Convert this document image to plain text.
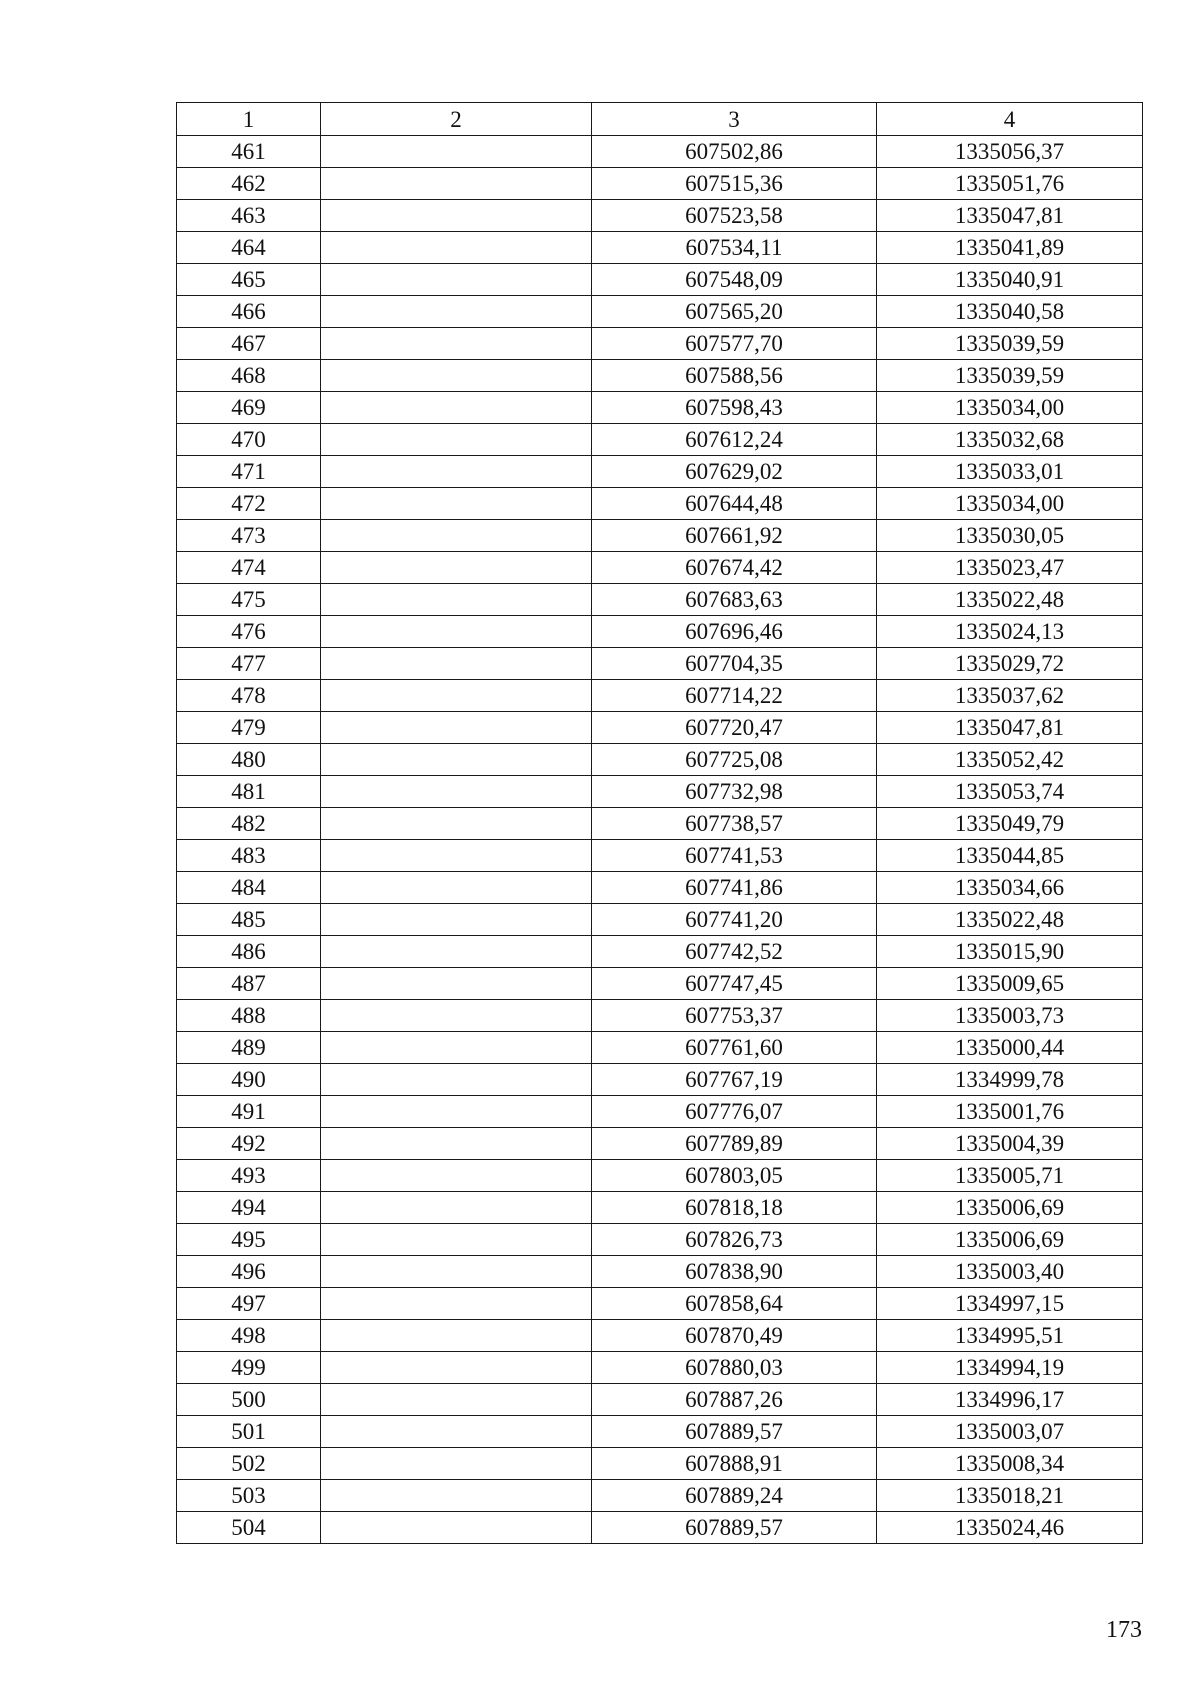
1	2	3	4
461		607502,86	1335056,37
462		607515,36	1335051,76
463		607523,58	1335047,81
464		607534,11	1335041,89
465		607548,09	1335040,91
466		607565,20	1335040,58
467		607577,70	1335039,59
468		607588,56	1335039,59
469		607598,43	1335034,00
470		607612,24	1335032,68
471		607629,02	1335033,01
472		607644,48	1335034,00
473		607661,92	1335030,05
474		607674,42	1335023,47
475		607683,63	1335022,48
476		607696,46	1335024,13
477		607704,35	1335029,72
478		607714,22	1335037,62
479		607720,47	1335047,81
480		607725,08	1335052,42
481		607732,98	1335053,74
482		607738,57	1335049,79
483		607741,53	1335044,85
484		607741,86	1335034,66
485		607741,20	1335022,48
486		607742,52	1335015,90
487		607747,45	1335009,65
488		607753,37	1335003,73
489		607761,60	1335000,44
490		607767,19	1334999,78
491		607776,07	1335001,76
492		607789,89	1335004,39
493		607803,05	1335005,71
494		607818,18	1335006,69
495		607826,73	1335006,69
496		607838,90	1335003,40
497		607858,64	1334997,15
498		607870,49	1334995,51
499		607880,03	1334994,19
500		607887,26	1334996,17
501		607889,57	1335003,07
502		607888,91	1335008,34
503		607889,24	1335018,21
504		607889,57	1335024,46
173
